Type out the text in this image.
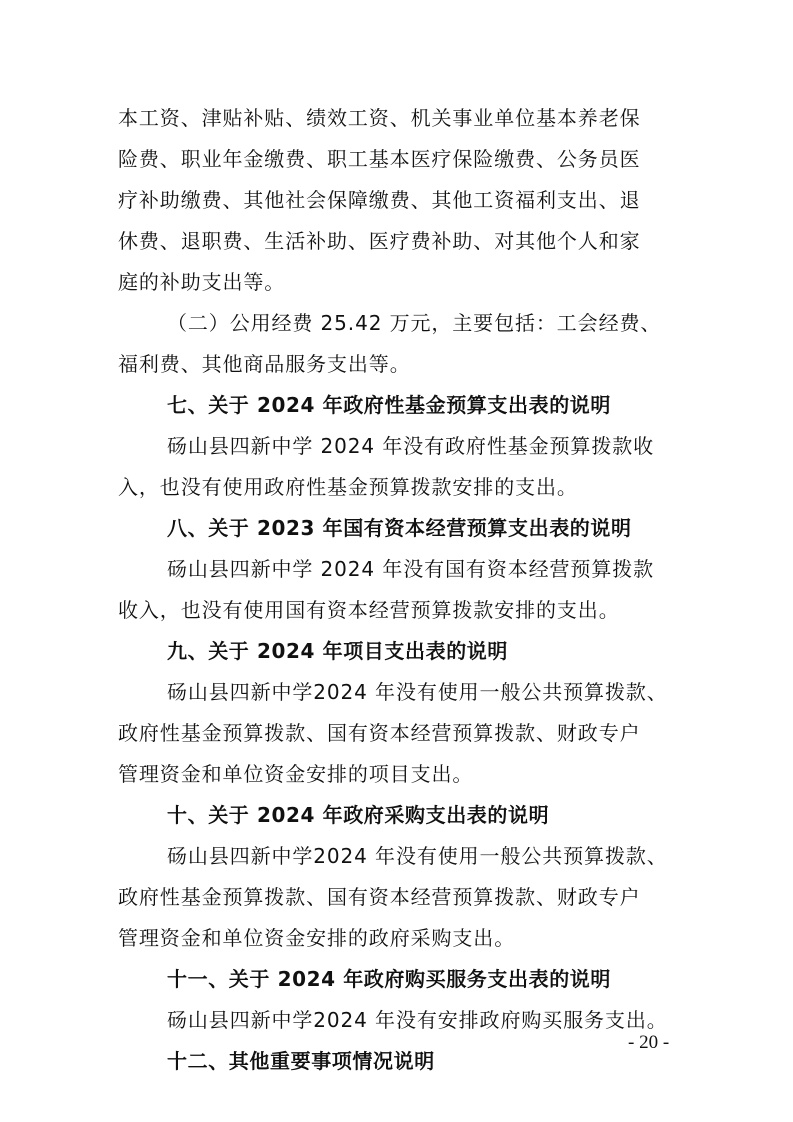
本工资、津贴补贴、绩效工资、机关事业单位基本养老保
险费、职业年金缴费、职工基本医疗保险缴费、公务员医
疗补助缴费、其他社会保障缴费、其他工资福利支出、退
休费、退职费、生活补助、医疗费补助、对其他个人和家
庭的补助支出等。
（二）公用经费 25.42 万元，主要包括：工会经费、
福利费、其他商品服务支出等。
七、关于 2024 年政府性基金预算支出表的说明
砀山县四新中学 2024 年没有政府性基金预算拨款收
入，也没有使用政府性基金预算拨款安排的支出。
八、关于 2023 年国有资本经营预算支出表的说明
砀山县四新中学 2024 年没有国有资本经营预算拨款
收入，也没有使用国有资本经营预算拨款安排的支出。
九、关于 2024 年项目支出表的说明
砀山县四新中学2024 年没有使用一般公共预算拨款、
政府性基金预算拨款、国有资本经营预算拨款、财政专户
管理资金和单位资金安排的项目支出。
十、关于 2024 年政府采购支出表的说明
砀山县四新中学2024 年没有使用一般公共预算拨款、
政府性基金预算拨款、国有资本经营预算拨款、财政专户
管理资金和单位资金安排的政府采购支出。
十一、关于 2024 年政府购买服务支出表的说明
砀山县四新中学2024 年没有安排政府购买服务支出。
十二、其他重要事项情况说明
- 20 -
